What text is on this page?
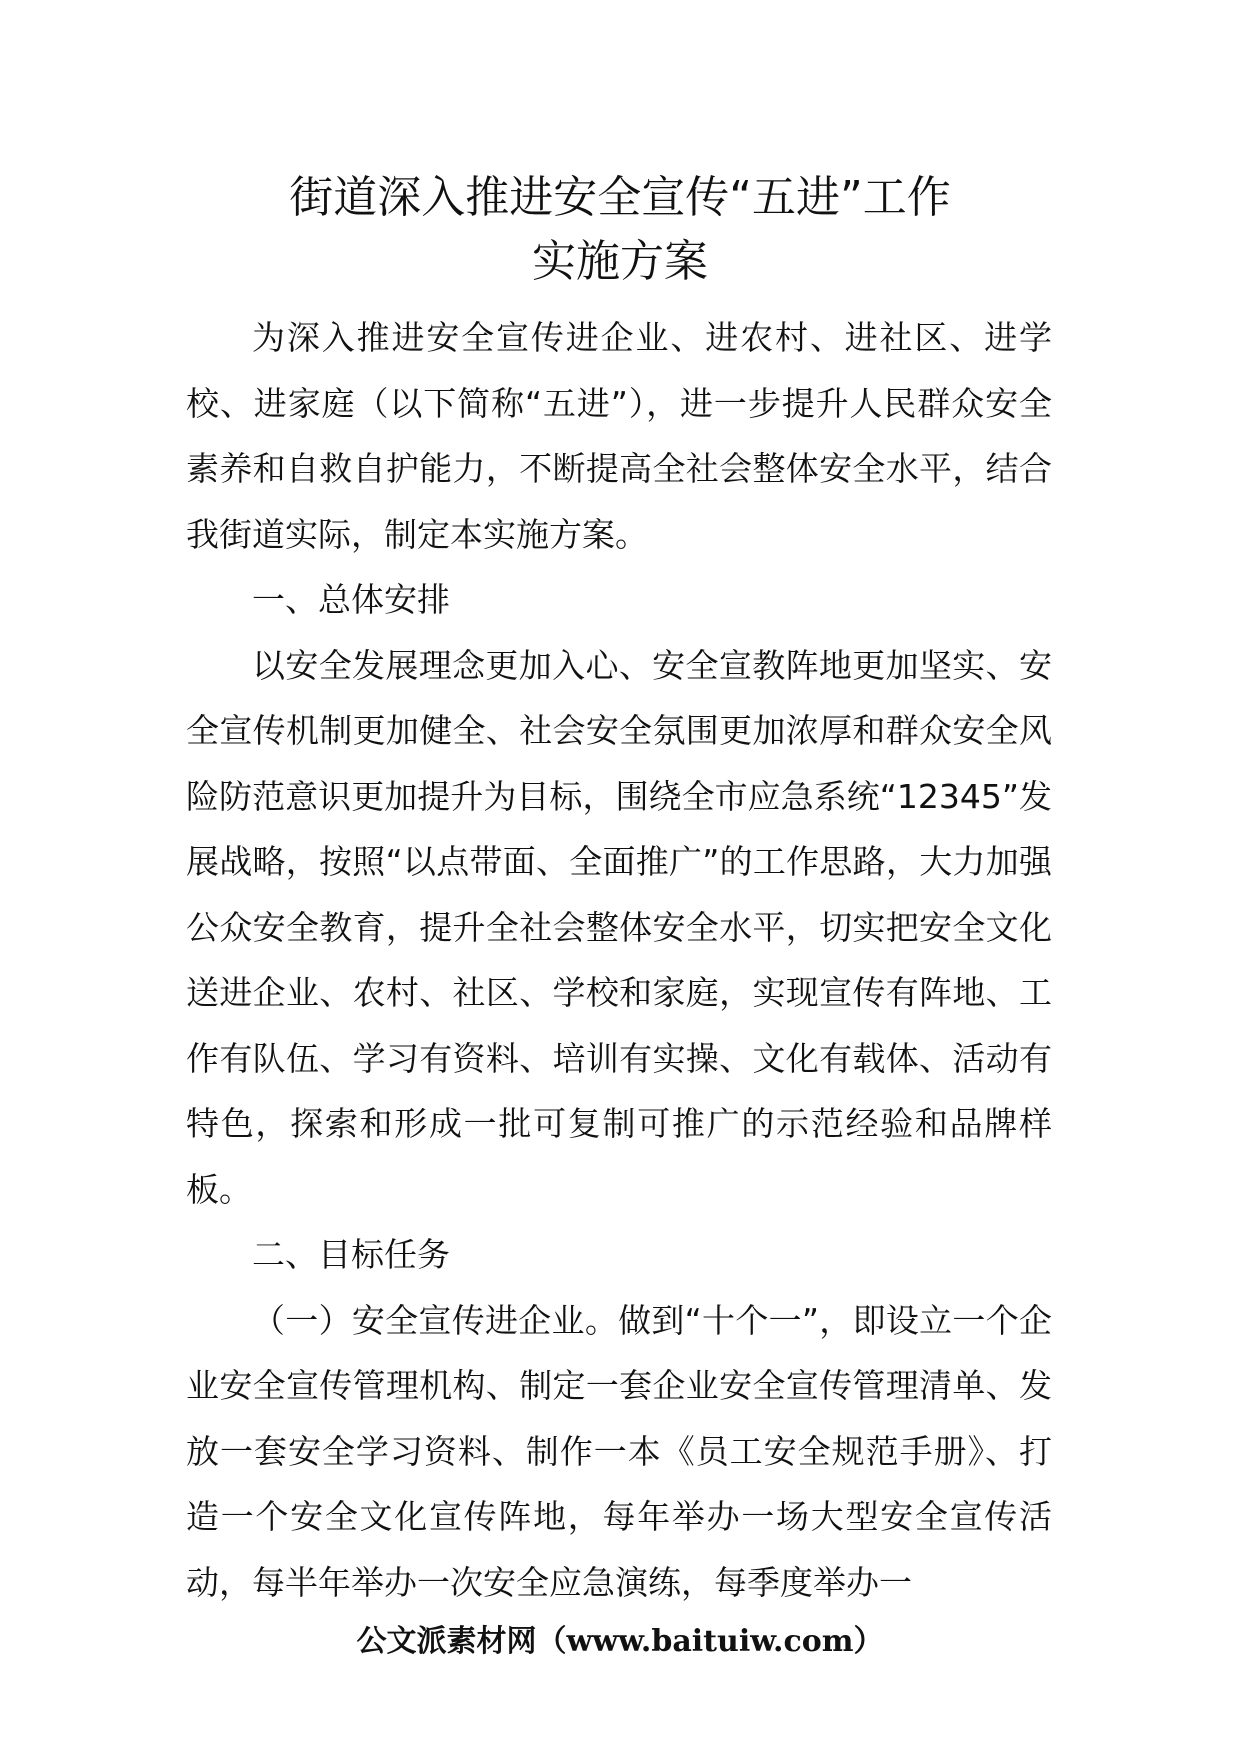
街道深入推进安全宣传“五进”工作
实施方案

为深入推进安全宣传进企业、进农村、进社区、进学校、进家庭（以下简称“五进”），进一步提升人民群众安全素养和自救自护能力，不断提高全社会整体安全水平，结合我街道实际，制定本实施方案。

一、总体安排

以安全发展理念更加入心、安全宣教阵地更加坚实、安全宣传机制更加健全、社会安全氛围更加浓厚和群众安全风险防范意识更加提升为目标，围绕全市应急系统“12345”发展战略，按照“以点带面、全面推广”的工作思路，大力加强公众安全教育，提升全社会整体安全水平，切实把安全文化送进企业、农村、社区、学校和家庭，实现宣传有阵地、工作有队伍、学习有资料、培训有实操、文化有载体、活动有特色，探索和形成一批可复制可推广的示范经验和品牌样板。

二、目标任务

（一）安全宣传进企业。做到“十个一”，即设立一个企业安全宣传管理机构、制定一套企业安全宣传管理清单、发放一套安全学习资料、制作一本《员工安全规范手册》、打造一个安全文化宣传阵地，每年举办一场大型安全宣传活动，每半年举办一次安全应急演练，每季度举办一

公文派素材网（www.baituiw.com）
